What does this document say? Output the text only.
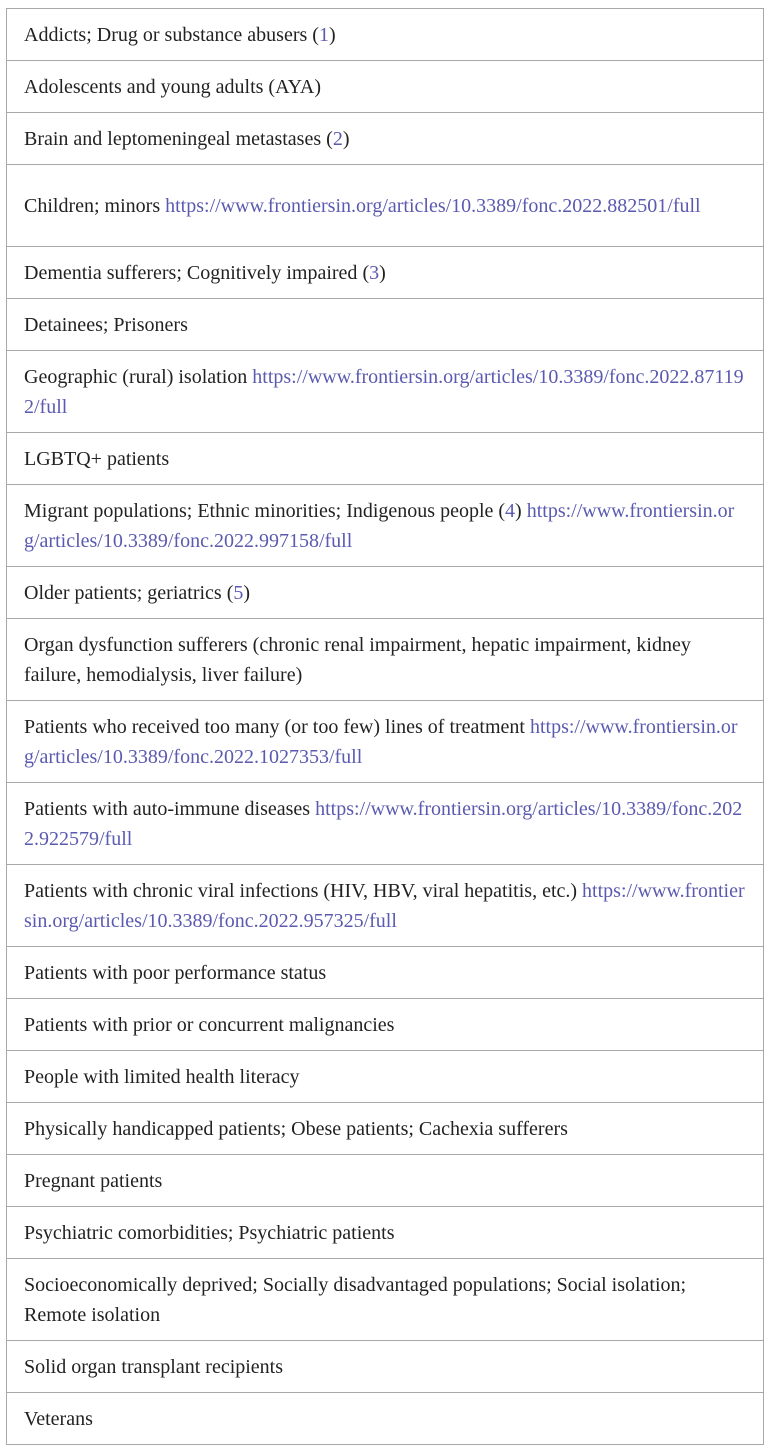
Addicts; Drug or substance abusers (1)
Adolescents and young adults (AYA)
Brain and leptomeningeal metastases (2)
Children; minors https://www.frontiersin.org/articles/10.3389/fonc.2022.882501/full
Dementia sufferers; Cognitively impaired (3)
Detainees; Prisoners
Geographic (rural) isolation https://www.frontiersin.org/articles/10.3389/fonc.2022.871192/full
LGBTQ+ patients
Migrant populations; Ethnic minorities; Indigenous people (4) https://www.frontiersin.org/articles/10.3389/fonc.2022.997158/full
Older patients; geriatrics (5)
Organ dysfunction sufferers (chronic renal impairment, hepatic impairment, kidney failure, hemodialysis, liver failure)
Patients who received too many (or too few) lines of treatment https://www.frontiersin.org/articles/10.3389/fonc.2022.1027353/full
Patients with auto-immune diseases https://www.frontiersin.org/articles/10.3389/fonc.2022.922579/full
Patients with chronic viral infections (HIV, HBV, viral hepatitis, etc.) https://www.frontiersin.org/articles/10.3389/fonc.2022.957325/full
Patients with poor performance status
Patients with prior or concurrent malignancies
People with limited health literacy
Physically handicapped patients; Obese patients; Cachexia sufferers
Pregnant patients
Psychiatric comorbidities; Psychiatric patients
Socioeconomically deprived; Socially disadvantaged populations; Social isolation; Remote isolation
Solid organ transplant recipients
Veterans
